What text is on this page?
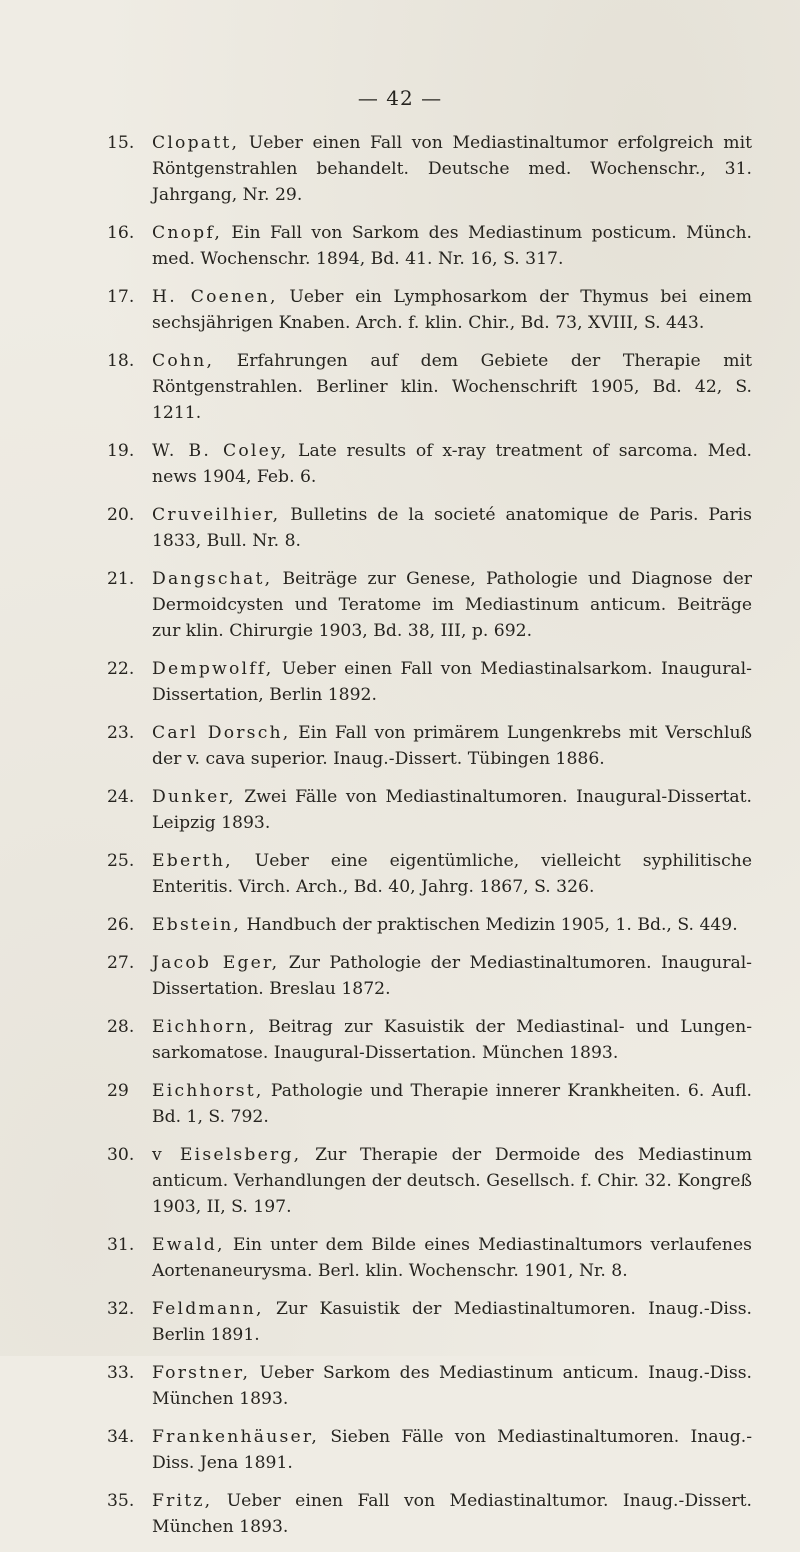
— 42 —
15. Clopatt, Ueber einen Fall von Mediastinaltumor erfolgreich mit Röntgenstrahlen behandelt. Deutsche med. Wochenschr., 31. Jahrgang, Nr. 29.
16. Cnopf, Ein Fall von Sarkom des Mediastinum posticum. Münch. med. Wochenschr. 1894, Bd. 41. Nr. 16, S. 317.
17. H. Coenen, Ueber ein Lymphosarkom der Thymus bei einem sechsjährigen Knaben. Arch. f. klin. Chir., Bd. 73, XVIII, S. 443.
18. Cohn, Erfahrungen auf dem Gebiete der Therapie mit Röntgenstrahlen. Berliner klin. Wochenschrift 1905, Bd. 42, S. 1211.
19. W. B. Coley, Late results of x-ray treatment of sarcoma. Med. news 1904, Feb. 6.
20. Cruveilhier, Bulletins de la societé anatomique de Paris. Paris 1833, Bull. Nr. 8.
21. Dangschat, Beiträge zur Genese, Pathologie und Diagnose der Dermoidcysten und Teratome im Mediastinum anticum. Beiträge zur klin. Chirurgie 1903, Bd. 38, III, p. 692.
22. Dempwolff, Ueber einen Fall von Mediastinalsarkom. Inaugural-Dissertation, Berlin 1892.
23. Carl Dorsch, Ein Fall von primärem Lungenkrebs mit Verschluß der v. cava superior. Inaug.-Dissert. Tübingen 1886.
24. Dunker, Zwei Fälle von Mediastinaltumoren. Inaugural-Dissertat. Leipzig 1893.
25. Eberth, Ueber eine eigentümliche, vielleicht syphilitische Enteritis. Virch. Arch., Bd. 40, Jahrg. 1867, S. 326.
26. Ebstein, Handbuch der praktischen Medizin 1905, 1. Bd., S. 449.
27. Jacob Eger, Zur Pathologie der Mediastinaltumoren. Inaugural-Dissertation. Breslau 1872.
28. Eichhorn, Beitrag zur Kasuistik der Mediastinal- und Lungen-sarkomatose. Inaugural-Dissertation. München 1893.
29 Eichhorst, Pathologie und Therapie innerer Krankheiten. 6. Aufl. Bd. 1, S. 792.
30. v Eiselsberg, Zur Therapie der Dermoide des Mediastinum anticum. Verhandlungen der deutsch. Gesellsch. f. Chir. 32. Kongreß 1903, II, S. 197.
31. Ewald, Ein unter dem Bilde eines Mediastinaltumors verlaufenes Aortenaneurysma. Berl. klin. Wochenschr. 1901, Nr. 8.
32. Feldmann, Zur Kasuistik der Mediastinaltumoren. Inaug.-Diss. Berlin 1891.
33. Forstner, Ueber Sarkom des Mediastinum anticum. Inaug.-Diss. München 1893.
34. Frankenhäuser, Sieben Fälle von Mediastinaltumoren. Inaug.-Diss. Jena 1891.
35. Fritz, Ueber einen Fall von Mediastinaltumor. Inaug.-Dissert. München 1893.
